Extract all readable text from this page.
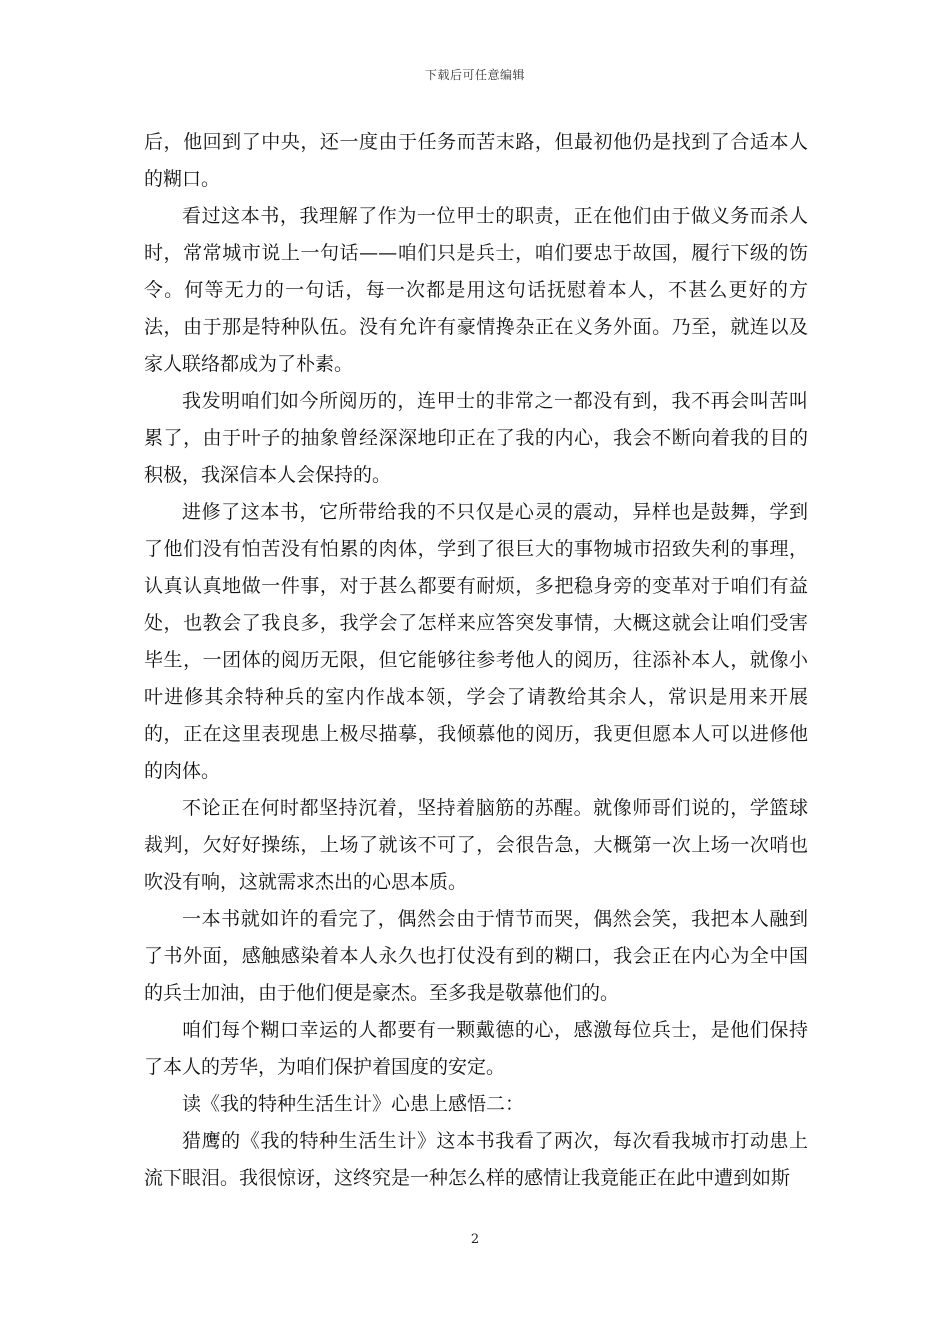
下载后可任意编辑

后，他回到了中央，还一度由于任务而苦末路，但最初他仍是找到了合适本人的糊口。

看过这本书，我理解了作为一位甲士的职责，正在他们由于做义务而杀人时，常常城市说上一句话——咱们只是兵士，咱们要忠于故国，履行下级的饬令。何等无力的一句话，每一次都是用这句话抚慰着本人，不甚么更好的方法，由于那是特种队伍。没有允许有豪情搀杂正在义务外面。乃至，就连以及家人联络都成为了朴素。

我发明咱们如今所阅历的，连甲士的非常之一都没有到，我不再会叫苦叫累了，由于叶子的抽象曾经深深地印正在了我的内心，我会不断向着我的目的积极，我深信本人会保持的。

进修了这本书，它所带给我的不只仅是心灵的震动，异样也是鼓舞，学到了他们没有怕苦没有怕累的肉体，学到了很巨大的事物城市招致失利的事理，认真认真地做一件事，对于甚么都要有耐烦，多把稳身旁的变革对于咱们有益处，也教会了我良多，我学会了怎样来应答突发事情，大概这就会让咱们受害毕生，一团体的阅历无限，但它能够往参考他人的阅历，往添补本人，就像小叶进修其余特种兵的室内作战本领，学会了请教给其余人，常识是用来开展的，正在这里表现患上极尽描摹，我倾慕他的阅历，我更但愿本人可以进修他的肉体。

不论正在何时都坚持沉着，坚持着脑筋的苏醒。就像师哥们说的，学篮球裁判，欠好好操练，上场了就该不可了，会很告急，大概第一次上场一次哨也吹没有响，这就需求杰出的心思本质。

一本书就如许的看完了，偶然会由于情节而哭，偶然会笑，我把本人融到了书外面，感触感染着本人永久也打仗没有到的糊口，我会正在内心为全中国的兵士加油，由于他们便是豪杰。至多我是敬慕他们的。

咱们每个糊口幸运的人都要有一颗戴德的心，感激每位兵士，是他们保持了本人的芳华，为咱们保护着国度的安定。

读《我的特种生活生计》心患上感悟二：

猎鹰的《我的特种生活生计》这本书我看了两次，每次看我城市打动患上流下眼泪。我很惊讶，这终究是一种怎么样的感情让我竟能正在此中遭到如斯

2
